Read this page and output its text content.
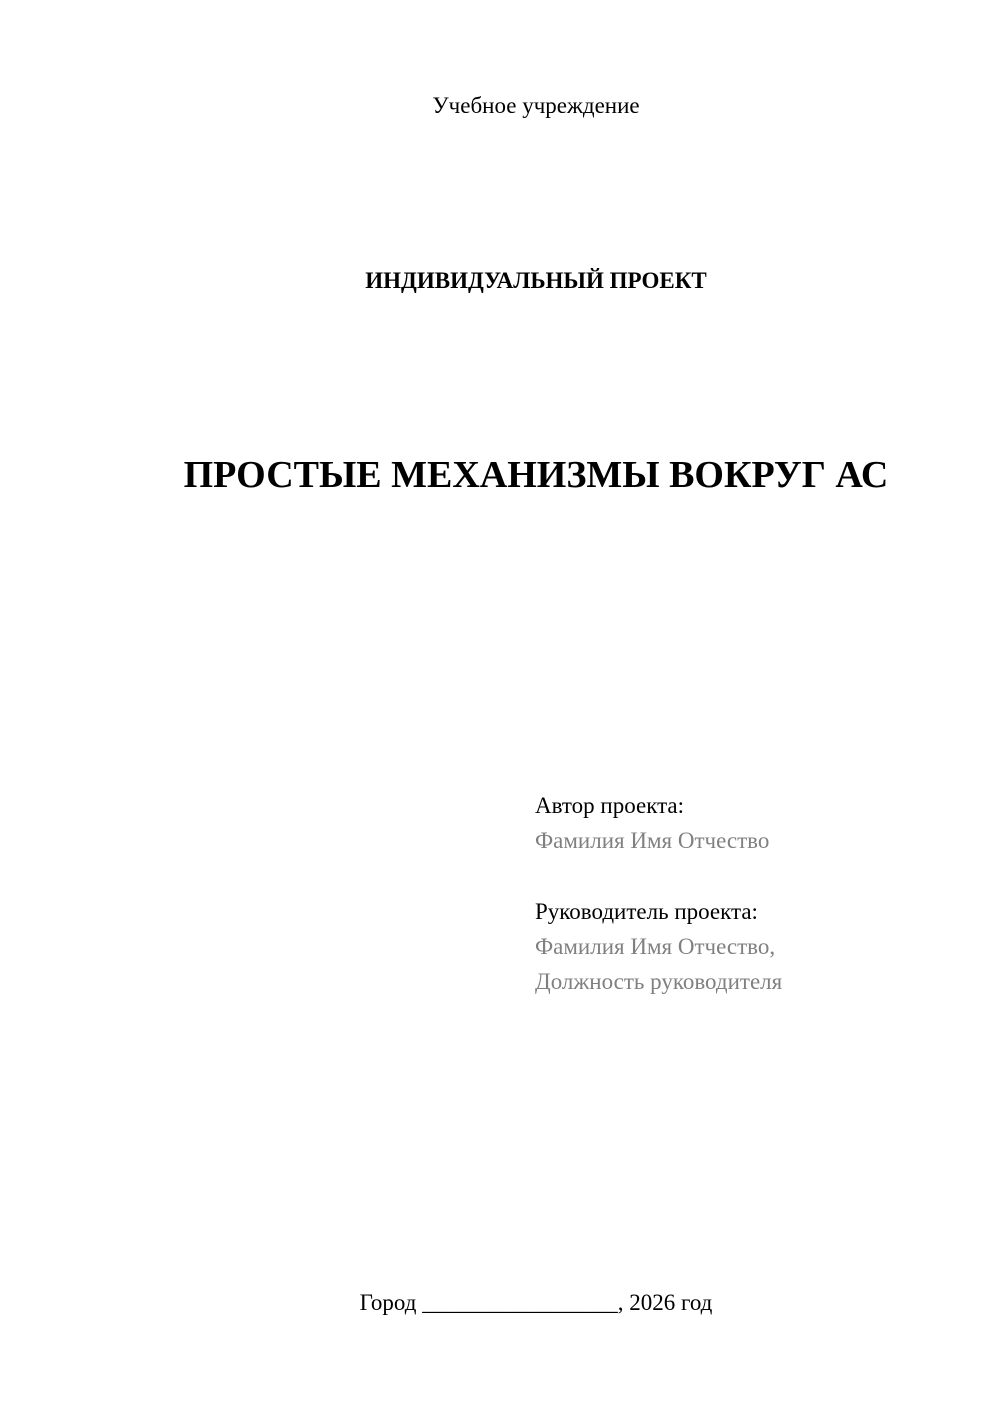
Учебное учреждение
ИНДИВИДУАЛЬНЫЙ ПРОЕКТ
ПРОСТЫЕ МЕХАНИЗМЫ ВОКРУГ АС
Автор проекта:
Фамилия Имя Отчество
Руководитель проекта:
Фамилия Имя Отчество,
Должность руководителя
Город _________________, 2026 год
